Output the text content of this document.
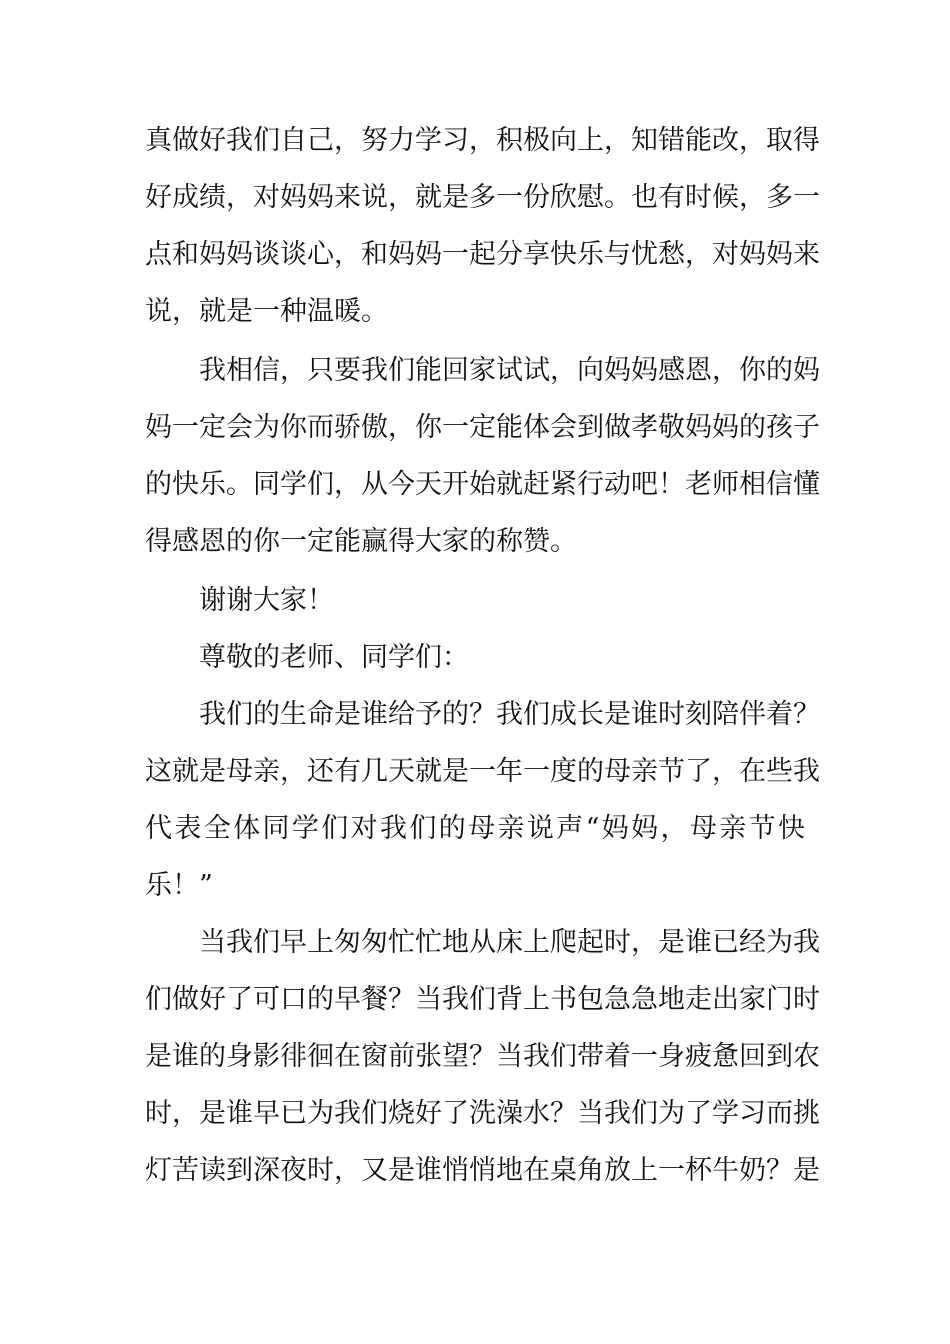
真做好我们自己，努力学习，积极向上，知错能改，取得

好成绩，对妈妈来说，就是多一份欣慰。也有时候，多一

点和妈妈谈谈心，和妈妈一起分享快乐与忧愁，对妈妈来

说，就是一种温暖。

我相信，只要我们能回家试试，向妈妈感恩，你的妈

妈一定会为你而骄傲，你一定能体会到做孝敬妈妈的孩子

的快乐。同学们，从今天开始就赶紧行动吧！老师相信懂

得感恩的你一定能赢得大家的称赞。

谢谢大家！

尊敬的老师、同学们：

我们的生命是谁给予的？我们成长是谁时刻陪伴着？

这就是母亲，还有几天就是一年一度的母亲节了，在些我

代表全体同学们对我们的母亲说声“妈妈，母亲节快

乐！”

当我们早上匆匆忙忙地从床上爬起时，是谁已经为我

们做好了可口的早餐？当我们背上书包急急地走出家门时

是谁的身影徘徊在窗前张望？当我们带着一身疲惫回到农

时，是谁早已为我们烧好了洗澡水？当我们为了学习而挑

灯苦读到深夜时，又是谁悄悄地在桌角放上一杯牛奶？是
